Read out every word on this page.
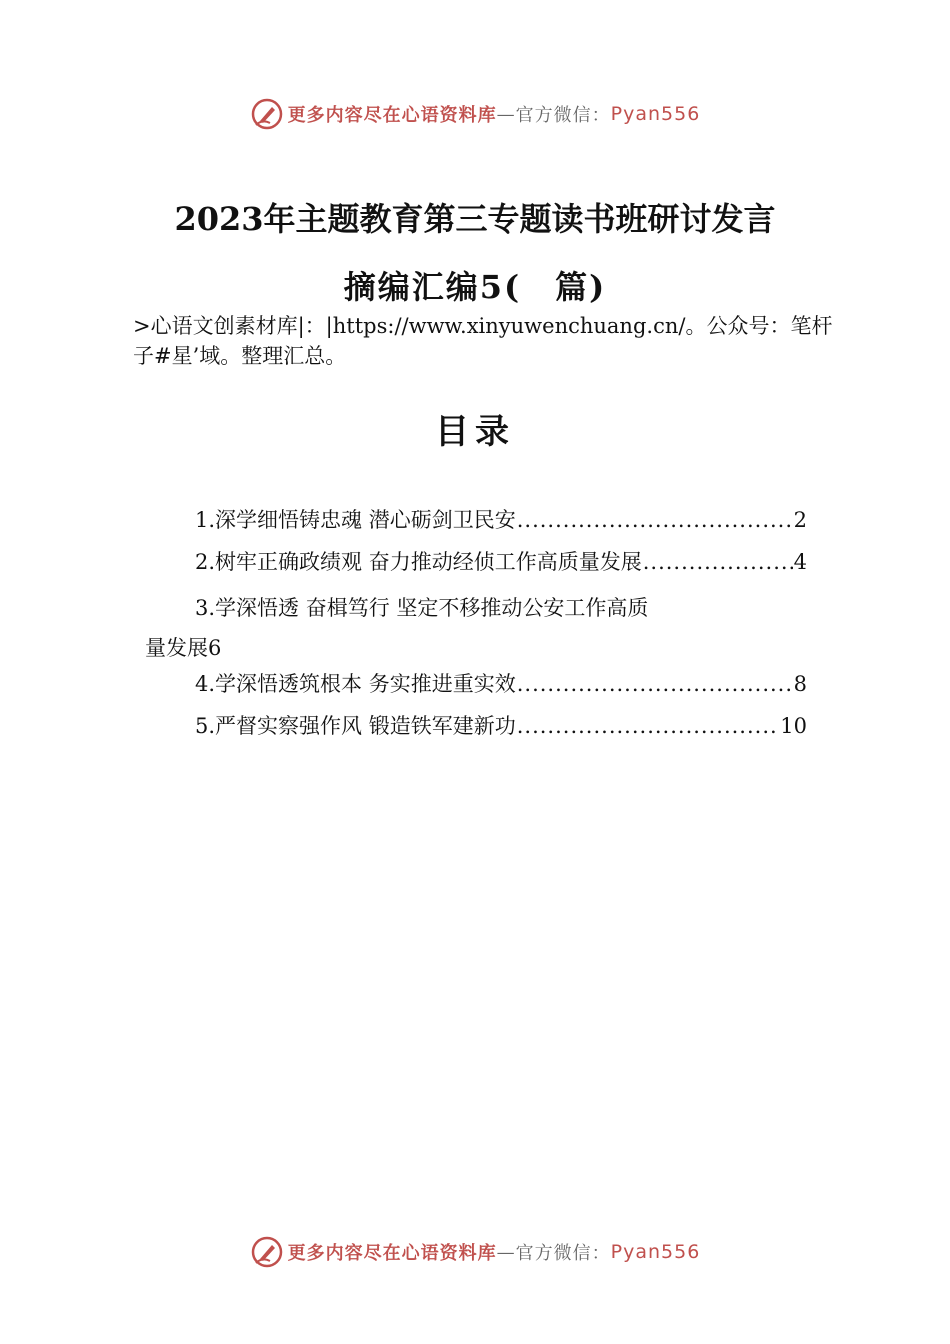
更多内容尽在心语资料库 — 官方微信： Pyan556
2023年主题教育第三专题读书班研讨发言
摘编汇编5(　篇)
>心语文创素材库|：|https://www.xinyuwenchuang.cn/。公众号：笔杆子#星’域。整理汇总。
目录
1.深学细悟铸忠魂 潜心砺剑卫民安 .....	2
2.树牢正确政绩观 奋力推动经侦工作高质量发展 .....	4
3.学深悟透 奋楫笃行 坚定不移推动公安工作高质
量发展6
4.学深悟透筑根本 务实推进重实效 .....	8
5.严督实察强作风 锻造铁军建新功 .....	10
更多内容尽在心语资料库 — 官方微信： Pyan556
